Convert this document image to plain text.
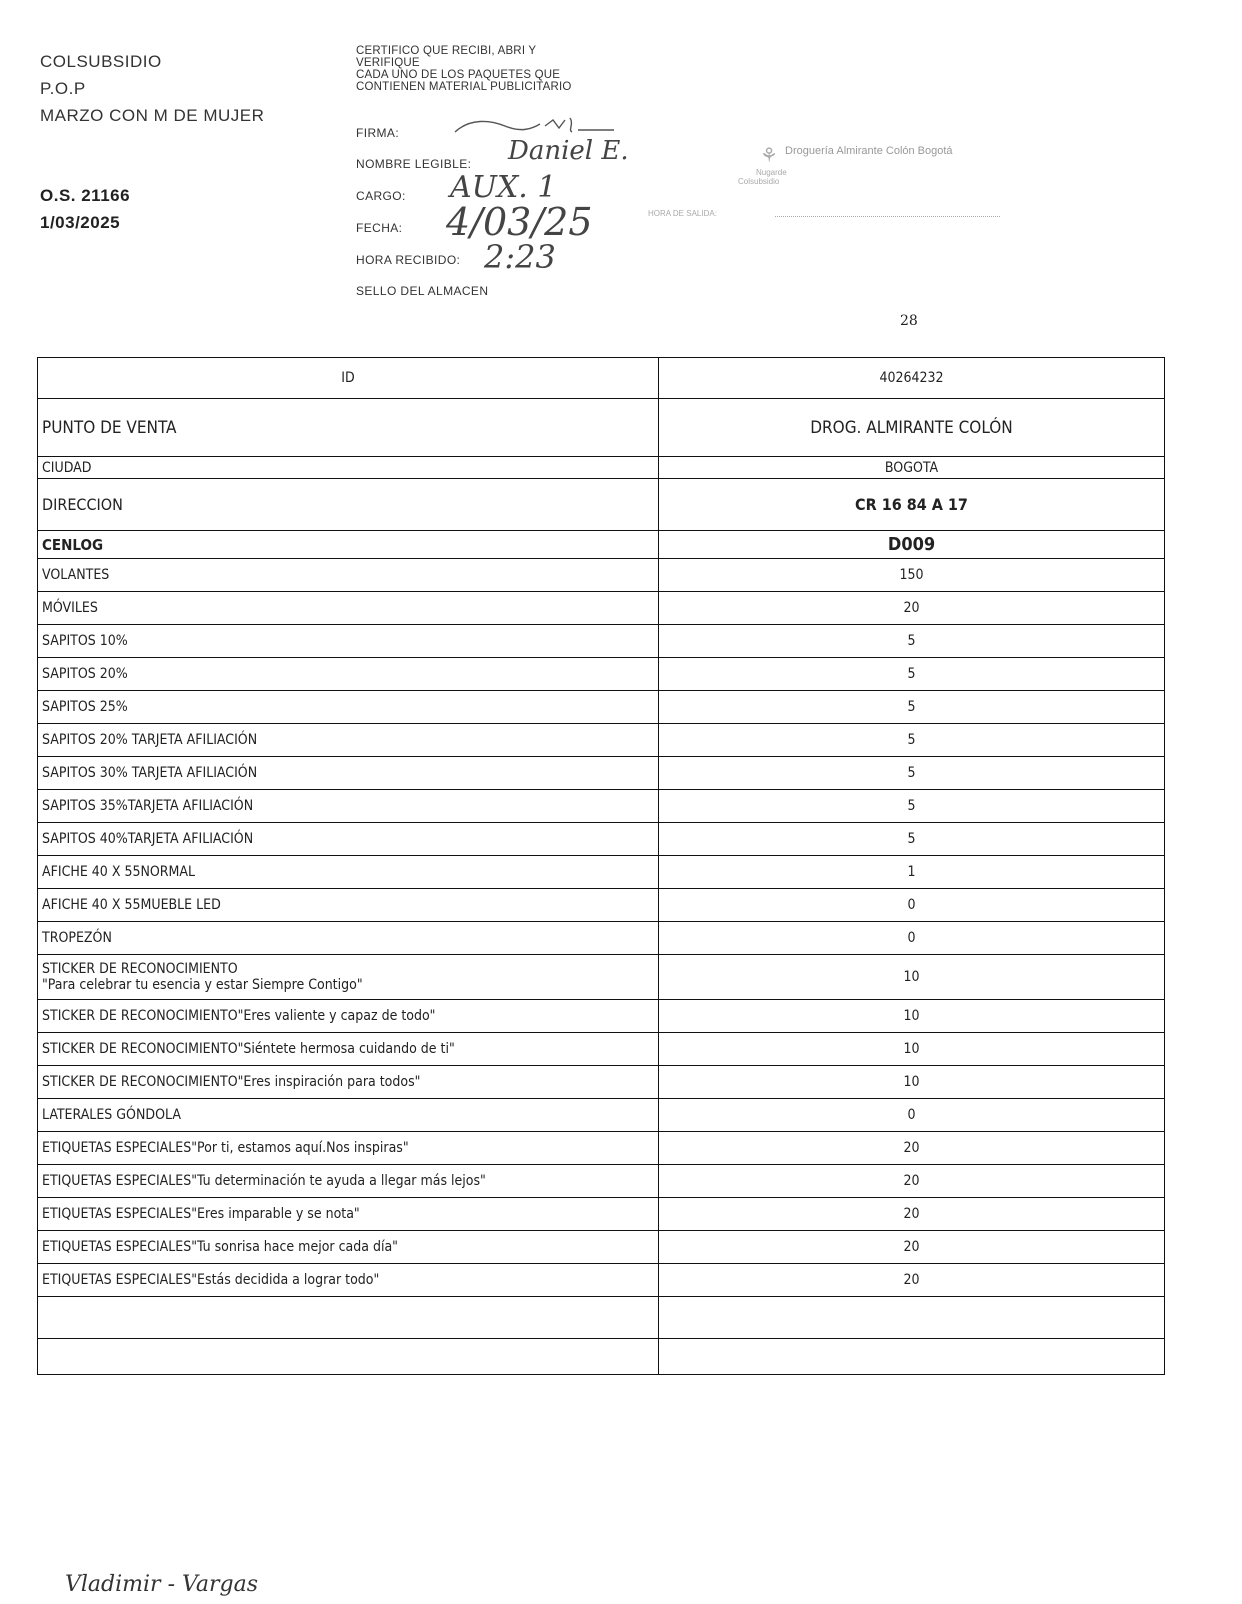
COLSUBSIDIO
P.O.P
MARZO CON M DE MUJER
O.S. 21166
1/03/2025
CERTIFICO QUE RECIBI, ABRI Y
VERIFIQUE
CADA UNO DE LOS PAQUETES QUE
CONTIENEN MATERIAL PUBLICITARIO
FIRMA:
NOMBRE LEGIBLE: Daniel E.
CARGO: AUX. 1
FECHA: 4/03/25
HORA RECIBIDO: 2:23
SELLO DEL ALMACEN
⚘ Droguería Almirante Colón Bogotá
Nugarde
Colsubsidio
HORA DE SALIDA:
28
ID	40264232
PUNTO DE VENTA	DROG. ALMIRANTE COLÓN
CIUDAD	BOGOTA
DIRECCION	CR 16 84 A 17
CENLOG	D009

VOLANTES	150

MÓVILES	20

SAPITOS 10%	5

SAPITOS 20%	5

SAPITOS 25%	5

SAPITOS 20% TARJETA AFILIACIÓN	5

SAPITOS 30% TARJETA AFILIACIÓN	5

SAPITOS 35%TARJETA AFILIACIÓN	5

SAPITOS 40%TARJETA AFILIACIÓN	5

AFICHE 40 X 55NORMAL	1

AFICHE 40 X 55MUEBLE LED	0

TROPEZÓN	0

STICKER DE RECONOCIMIENTO
"Para celebrar tu esencia y estar Siempre Contigo"	10

STICKER DE RECONOCIMIENTO"Eres valiente y capaz de todo"	10

STICKER DE RECONOCIMIENTO"Siéntete hermosa cuidando de ti"	10

STICKER DE RECONOCIMIENTO"Eres inspiración para todos"	10

LATERALES GÓNDOLA	0

ETIQUETAS ESPECIALES"Por ti, estamos aquí.Nos inspiras"	20

ETIQUETAS ESPECIALES"Tu determinación te ayuda a llegar más lejos"	20

ETIQUETAS ESPECIALES"Eres imparable y se nota"	20

ETIQUETAS ESPECIALES"Tu sonrisa hace mejor cada día"	20

ETIQUETAS ESPECIALES"Estás decidida a lograr todo"	20

Vladimir - Vargas
